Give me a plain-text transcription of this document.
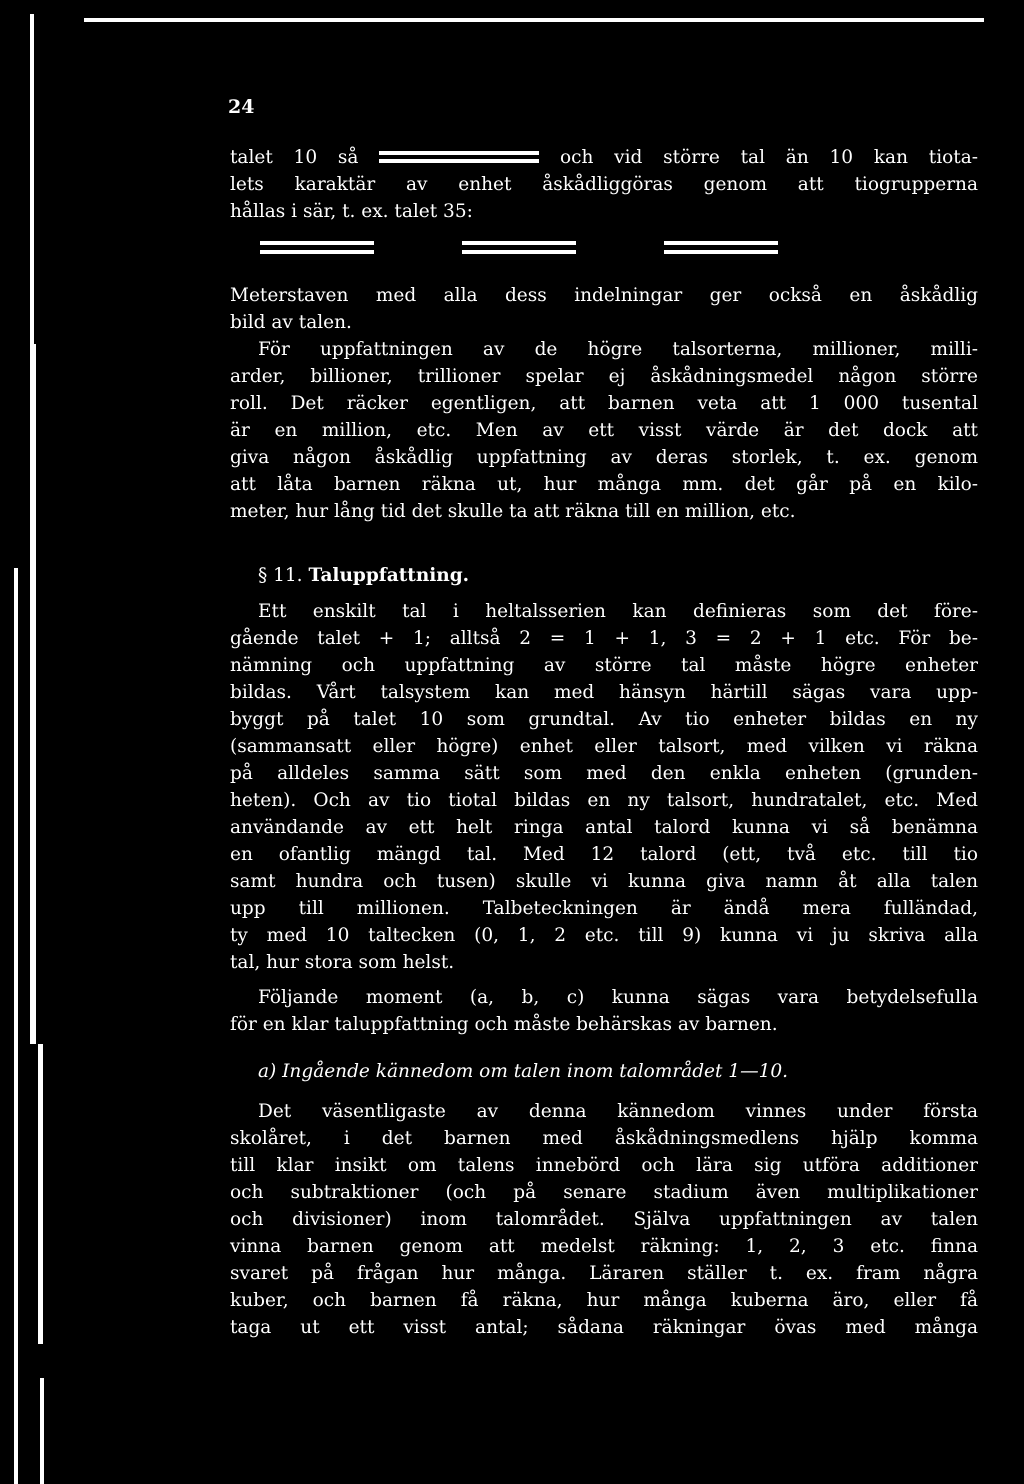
24

talet 10 så	och vid större tal än 10 kan tiota-
lets karaktär av enhet åskådliggöras genom att tiogrupperna
hållas i sär, t. ex. talet 35:
Meterstaven med alla dess indelningar ger också en åskådlig
bild av talen.
För uppfattningen av de högre talsorterna, millioner, milli-
arder, billioner, trillioner spelar ej åskådningsmedel någon större
roll. Det räcker egentligen, att barnen veta att 1 000 tusental
är en million, etc. Men av ett visst värde är det dock att
giva någon åskådlig uppfattning av deras storlek, t. ex. genom
att låta barnen räkna ut, hur många mm. det går på en kilo-
meter, hur lång tid det skulle ta att räkna till en million, etc.

§ 11. Taluppfattning.

Ett enskilt tal i heltalsserien kan definieras som det före-
gående talet + 1; alltså 2 = 1 + 1, 3 = 2 + 1 etc. För be-
nämning och uppfattning av större tal måste högre enheter
bildas. Vårt talsystem kan med hänsyn härtill sägas vara upp-
byggt på talet 10 som grundtal. Av tio enheter bildas en ny
(sammansatt eller högre) enhet eller talsort, med vilken vi räkna
på alldeles samma sätt som med den enkla enheten (grunden-
heten). Och av tio tiotal bildas en ny talsort, hundratalet, etc. Med
användande av ett helt ringa antal talord kunna vi så benämna
en ofantlig mängd tal. Med 12 talord (ett, två etc. till tio
samt hundra och tusen) skulle vi kunna giva namn åt alla talen
upp till millionen. Talbeteckningen är ändå mera fulländad,
ty med 10 taltecken (0, 1, 2 etc. till 9) kunna vi ju skriva alla
tal, hur stora som helst.
Följande moment (a, b, c) kunna sägas vara betydelsefulla
för en klar taluppfattning och måste behärskas av barnen.

a) Ingående kännedom om talen inom talområdet 1—10.

Det väsentligaste av denna kännedom vinnes under första
skolåret, i det barnen med åskådningsmedlens hjälp komma
till klar insikt om talens innebörd och lära sig utföra additioner
och subtraktioner (och på senare stadium även multiplikationer
och divisioner) inom talområdet. Själva uppfattningen av talen
vinna barnen genom att medelst räkning: 1, 2, 3 etc. finna
svaret på frågan hur många. Läraren ställer t. ex. fram några
kuber, och barnen få räkna, hur många kuberna äro, eller få
taga ut ett visst antal; sådana räkningar övas med många
